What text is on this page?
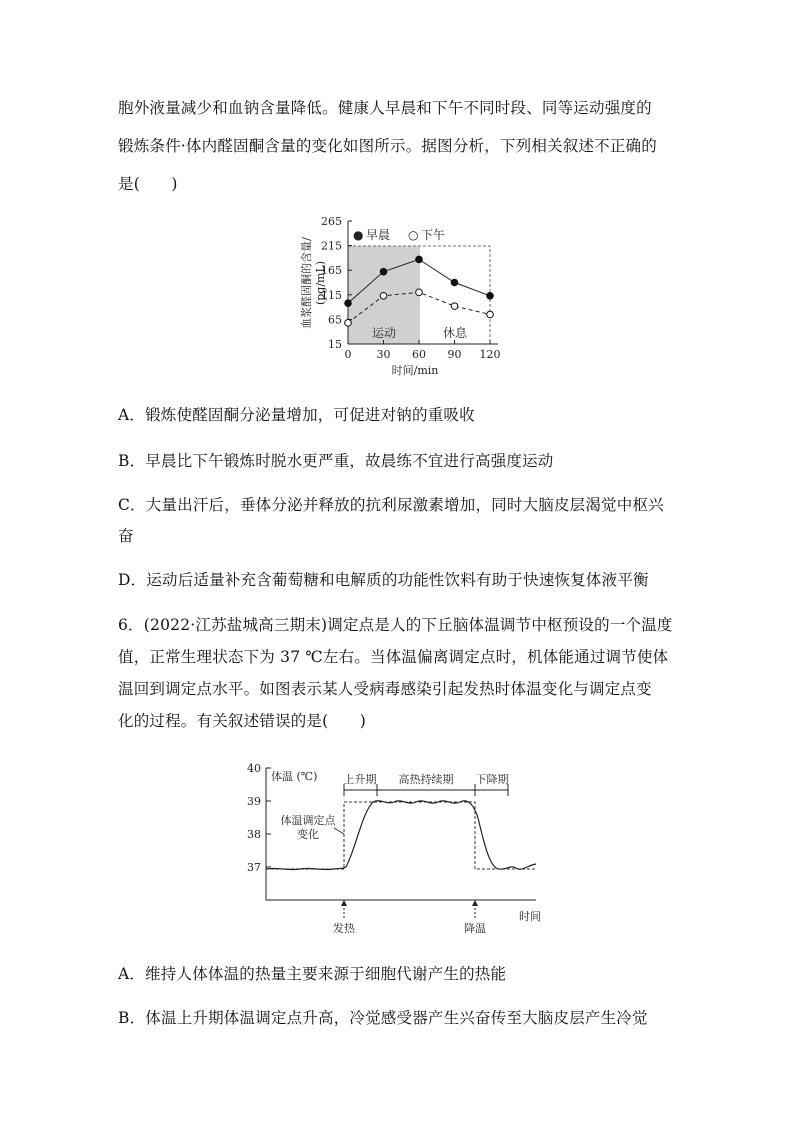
胞外液量减少和血钠含量降低。健康人早晨和下午不同时段、同等运动强度的
锻炼条件·体内醛固酮含量的变化如图所示。据图分析，下列相关叙述不正确的
是(　　)
15
65
115
165
215
265
0 30 60 90 120
血浆醛固酮的含量/ (pg/mL)
● 早晨 ○ 下午
运动	休息
时间/min
A．锻炼使醛固酮分泌量增加，可促进对钠的重吸收
B．早晨比下午锻炼时脱水更严重，故晨练不宜进行高强度运动
C．大量出汗后，垂体分泌并释放的抗利尿激素增加，同时大脑皮层渴觉中枢兴
奋
D．运动后适量补充含葡萄糖和电解质的功能性饮料有助于快速恢复体液平衡
6．(2022·江苏盐城高三期末)调定点是人的下丘脑体温调节中枢预设的一个温度
值，正常生理状态下为 37 ℃左右。当体温偏离调定点时，机体能通过调节使体
温回到调定点水平。如图表示某人受病毒感染引起发热时体温变化与调定点变
化的过程。有关叙述错误的是(　　)
37
38
39
40
体温 (℃) 上升期 高热持续期 下降期
体温调定点
变化
发热	降温
时间
A．维持人体体温的热量主要来源于细胞代谢产生的热能
B．体温上升期体温调定点升高，冷觉感受器产生兴奋传至大脑皮层产生冷觉
